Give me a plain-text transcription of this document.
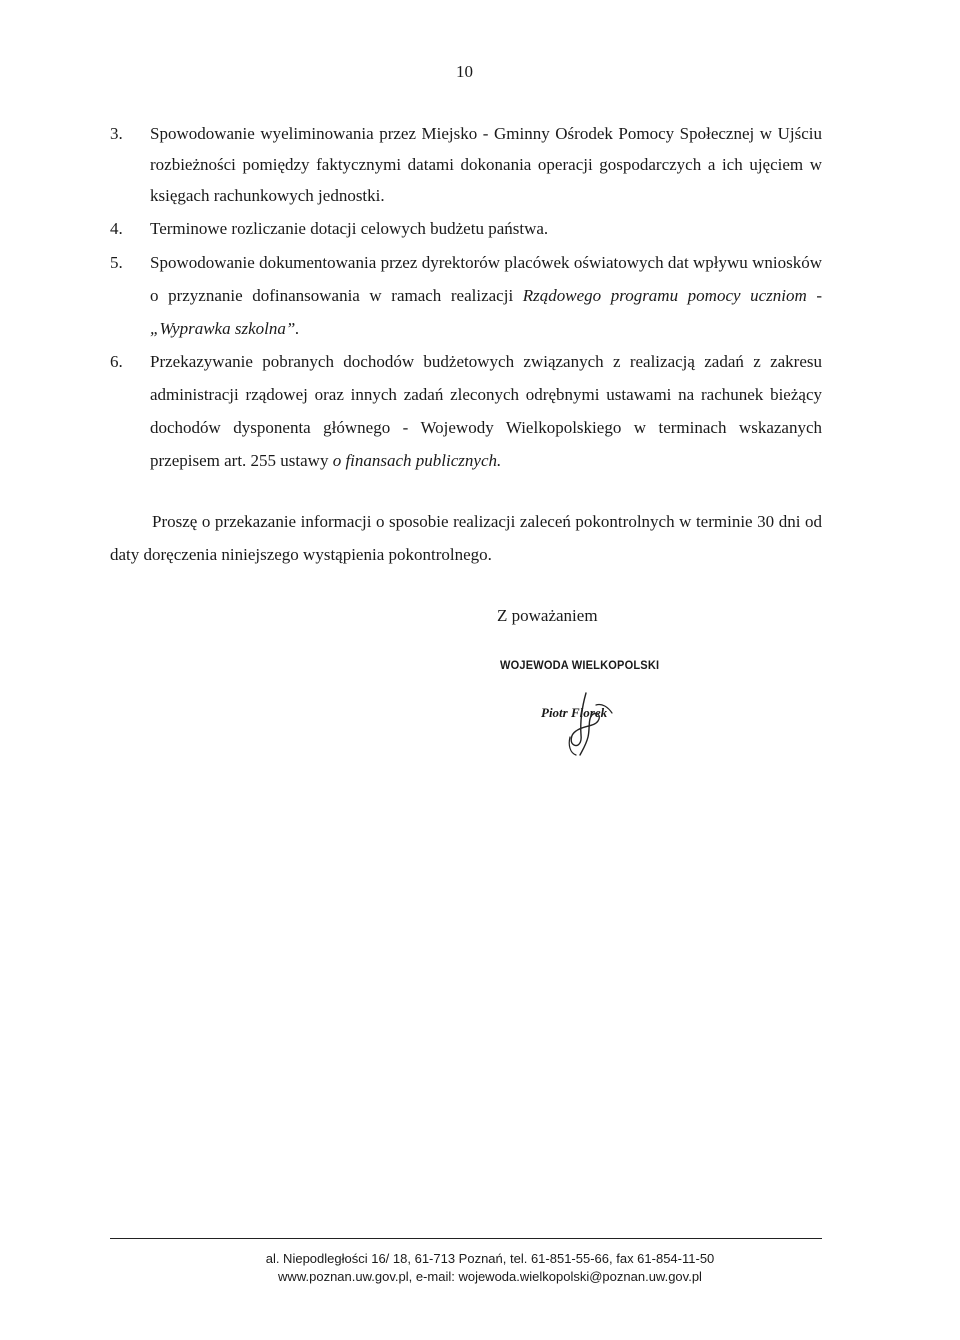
10
3. Spowodowanie wyeliminowania przez Miejsko - Gminny Ośrodek Pomocy Społecznej w Ujściu rozbieżności pomiędzy faktycznymi datami dokonania operacji gospodarczych a ich ujęciem w księgach rachunkowych jednostki.
4. Terminowe rozliczanie dotacji celowych budżetu państwa.
5. Spowodowanie dokumentowania przez dyrektorów placówek oświatowych dat wpływu wniosków o przyznanie dofinansowania w ramach realizacji Rządowego programu pomocy uczniom - „Wyprawka szkolna”.
6. Przekazywanie pobranych dochodów budżetowych związanych z realizacją zadań z zakresu administracji rządowej oraz innych zadań zleconych odrębnymi ustawami na rachunek bieżący dochodów dysponenta głównego - Wojewody Wielkopolskiego w terminach wskazanych przepisem art. 255 ustawy o finansach publicznych.
Proszę o przekazanie informacji o sposobie realizacji zaleceń pokontrolnych w terminie 30 dni od daty doręczenia niniejszego wystąpienia pokontrolnego.
Z poważaniem
WOJEWODA WIELKOPOLSKI
Piotr Florek
al. Niepodległości 16/ 18, 61-713 Poznań, tel. 61-851-55-66, fax 61-854-11-50
www.poznan.uw.gov.pl, e-mail: wojewoda.wielkopolski@poznan.uw.gov.pl
